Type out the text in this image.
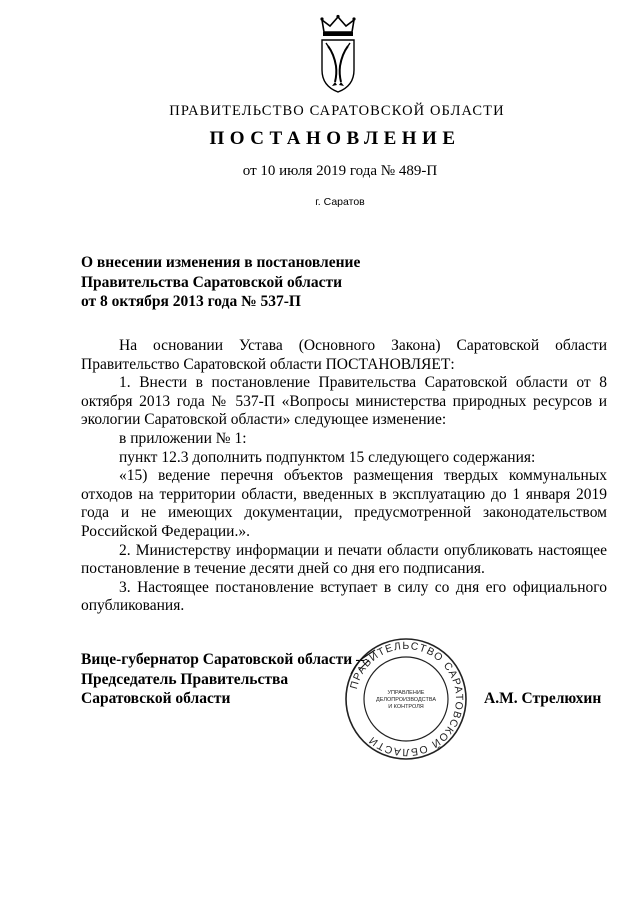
ПРАВИТЕЛЬСТВО САРАТОВСКОЙ ОБЛАСТИ
ПОСТАНОВЛЕНИЕ
от 10 июля 2019 года № 489-П
г. Саратов
О внесении изменения в постановление
Правительства Саратовской области
от 8 октября 2013 года № 537-П

На основании Устава (Основного Закона) Саратовской области Правительство Саратовской области ПОСТАНОВЛЯЕТ:

1. Внести в постановление Правительства Саратовской области от 8 октября 2013 года № 537-П «Вопросы министерства природных ресурсов и экологии Саратовской области» следующее изменение:

в приложении № 1:

пункт 12.3 дополнить подпунктом 15 следующего содержания:

«15) ведение перечня объектов размещения твердых коммунальных отходов на территории области, введенных в эксплуатацию до 1 января 2019 года и не имеющих документации, предусмотренной законодательством Российской Федерации.».

2. Министерству информации и печати области опубликовать настоящее постановление в течение десяти дней со дня его подписания.

3. Настоящее постановление вступает в силу со дня его официального опубликования.

Вице-губернатор Саратовской области –
Председатель Правительства
Саратовской области
ПРАВИТЕЛЬСТВО САРАТОВСКОЙ ОБЛАСТИ
УПРАВЛЕНИЕ
ДЕЛОПРОИЗВОДСТВА
И КОНТРОЛЯ	А.М. Стрелюхин
